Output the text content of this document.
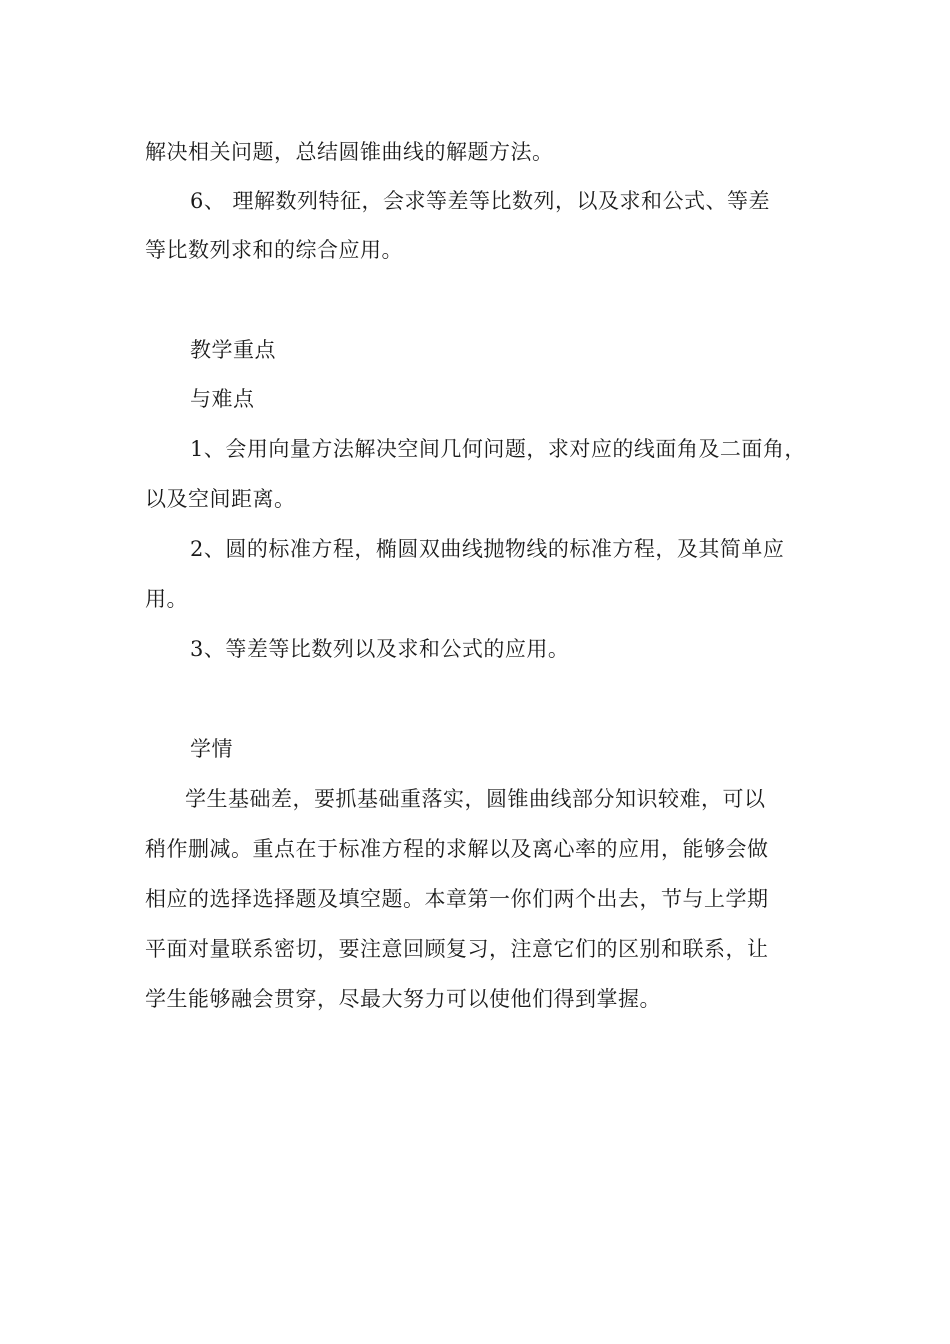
解决相关问题，总结圆锥曲线的解题方法。
6、 理解数列特征，会求等差等比数列，以及求和公式、等差
等比数列求和的综合应用。
教学重点
与难点
1、会用向量方法解决空间几何问题，求对应的线面角及二面角，
以及空间距离。
2、圆的标准方程，椭圆双曲线抛物线的标准方程，及其简单应
用。
3、等差等比数列以及求和公式的应用。
学情
学生基础差，要抓基础重落实，圆锥曲线部分知识较难，可以
稍作删减。重点在于标准方程的求解以及离心率的应用，能够会做
相应的选择选择题及填空题。本章第一你们两个出去，节与上学期
平面对量联系密切，要注意回顾复习，注意它们的区别和联系，让
学生能够融会贯穿，尽最大努力可以使他们得到掌握。
